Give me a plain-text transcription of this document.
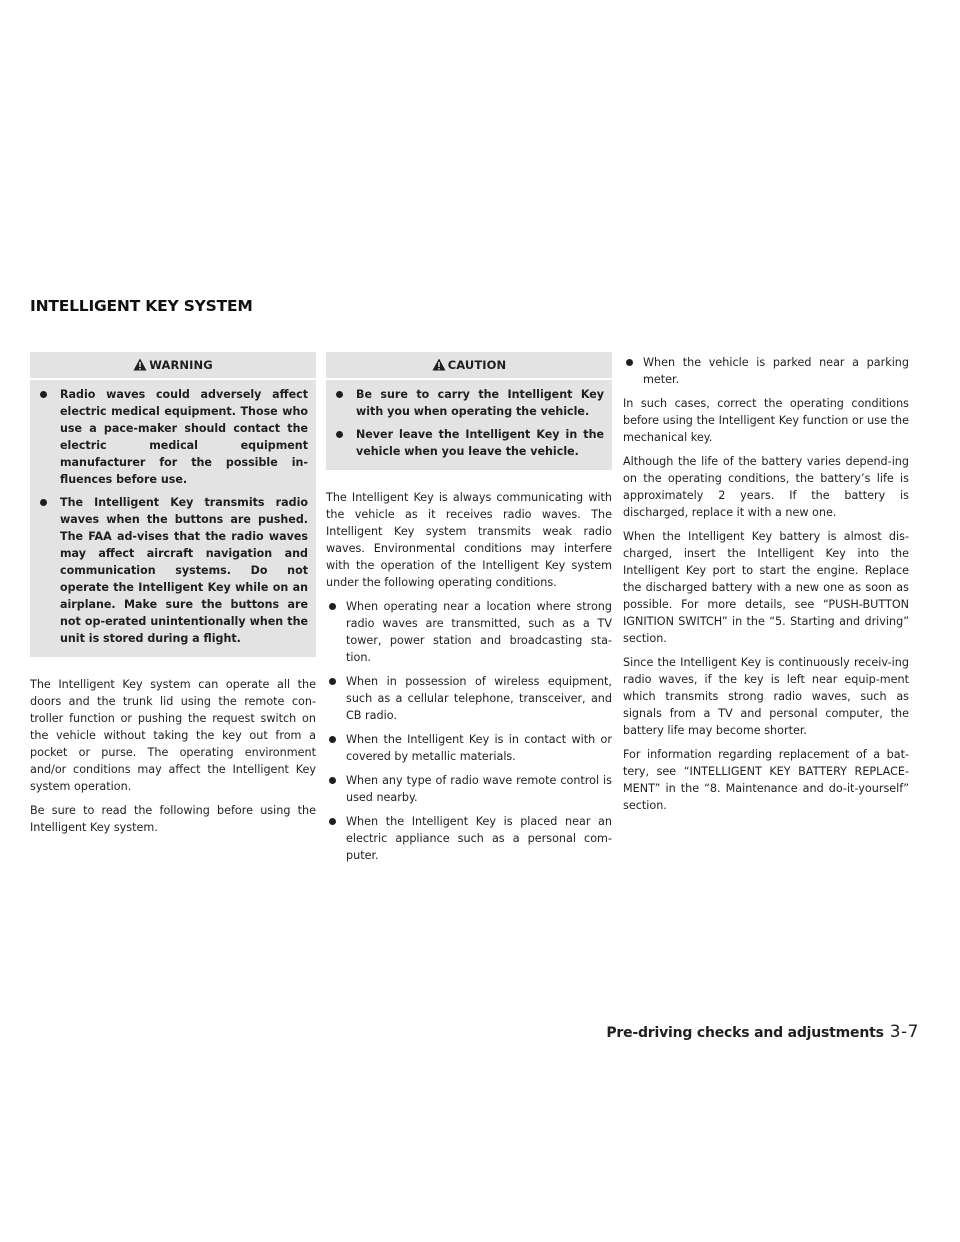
INTELLIGENT KEY SYSTEM
WARNING
Radio waves could adversely affect electric medical equipment. Those who use a pace-maker should contact the electric medical equipment manufacturer for the possible in-fluences before use.
The Intelligent Key transmits radio waves when the buttons are pushed. The FAA ad-vises that the radio waves may affect aircraft navigation and communication systems. Do not operate the Intelligent Key while on an airplane. Make sure the buttons are not op-erated unintentionally when the unit is stored during a flight.

The Intelligent Key system can operate all the doors and the trunk lid using the remote con-troller function or pushing the request switch on the vehicle without taking the key out from a pocket or purse. The operating environment and/or conditions may affect the Intelligent Key system operation.

Be sure to read the following before using the Intelligent Key system.

CAUTION
Be sure to carry the Intelligent Key with you when operating the vehicle.
Never leave the Intelligent Key in the vehicle when you leave the vehicle.

The Intelligent Key is always communicating with the vehicle as it receives radio waves. The Intelligent Key system transmits weak radio waves. Environmental conditions may interfere with the operation of the Intelligent Key system under the following operating conditions.

When operating near a location where strong radio waves are transmitted, such as a TV tower, power station and broadcasting sta-tion.
When in possession of wireless equipment, such as a cellular telephone, transceiver, and CB radio.
When the Intelligent Key is in contact with or covered by metallic materials.
When any type of radio wave remote control is used nearby.
When the Intelligent Key is placed near an electric appliance such as a personal com-puter.
When the vehicle is parked near a parking meter.

In such cases, correct the operating conditions before using the Intelligent Key function or use the mechanical key.

Although the life of the battery varies depend-ing on the operating conditions, the battery’s life is approximately 2 years. If the battery is discharged, replace it with a new one.

When the Intelligent Key battery is almost dis-charged, insert the Intelligent Key into the Intelligent Key port to start the engine. Replace the discharged battery with a new one as soon as possible. For more details, see “PUSH-BUTTON IGNITION SWITCH” in the “5. Starting and driving” section.

Since the Intelligent Key is continuously receiv-ing radio waves, if the key is left near equip-ment which transmits strong radio waves, such as signals from a TV and personal computer, the battery life may become shorter.

For information regarding replacement of a bat-tery, see “INTELLIGENT KEY BATTERY REPLACE-MENT” in the “8. Maintenance and do-it-yourself” section.

Pre-driving checks and adjustments 3-7
